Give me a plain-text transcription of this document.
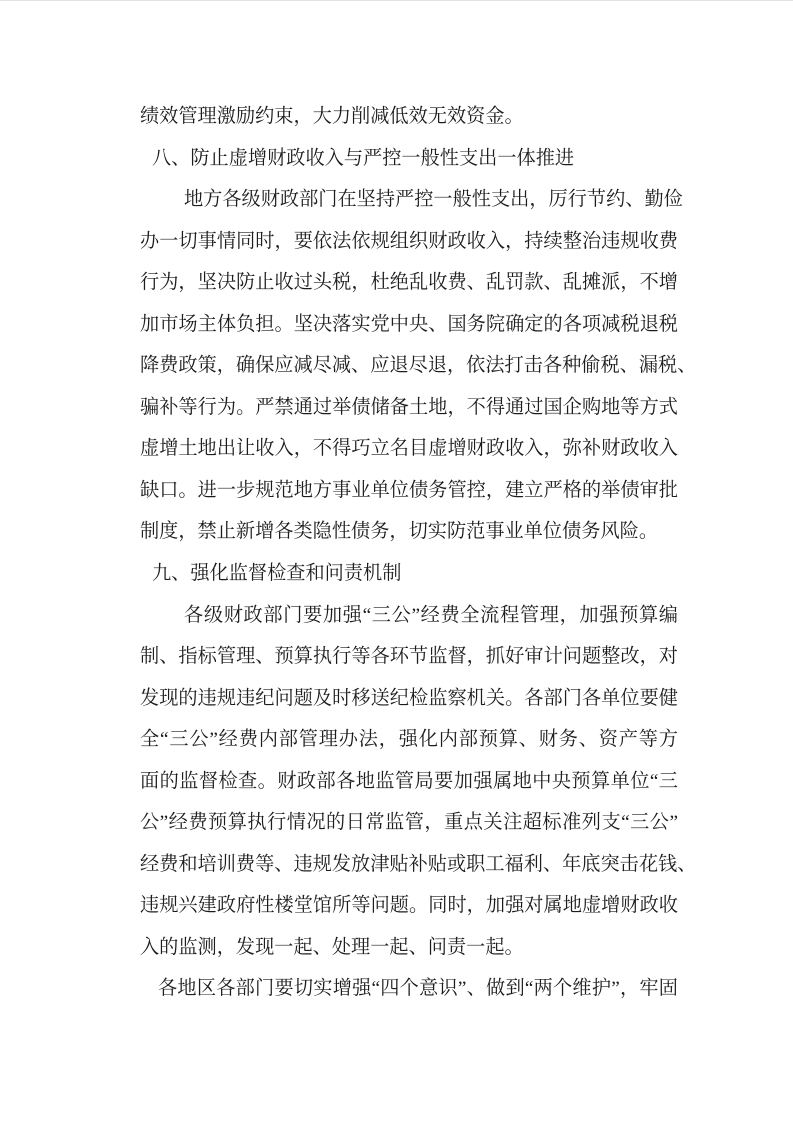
绩效管理激励约束，大力削减低效无效资金。
八、防止虚增财政收入与严控一般性支出一体推进
地方各级财政部门在坚持严控一般性支出，厉行节约、勤俭
办一切事情同时，要依法依规组织财政收入，持续整治违规收费
行为，坚决防止收过头税，杜绝乱收费、乱罚款、乱摊派，不增
加市场主体负担。坚决落实党中央、国务院确定的各项减税退税
降费政策，确保应减尽减、应退尽退，依法打击各种偷税、漏税、
骗补等行为。严禁通过举债储备土地，不得通过国企购地等方式
虚增土地出让收入，不得巧立名目虚增财政收入，弥补财政收入
缺口。进一步规范地方事业单位债务管控，建立严格的举债审批
制度，禁止新增各类隐性债务，切实防范事业单位债务风险。
九、强化监督检查和问责机制
各级财政部门要加强“三公”经费全流程管理，加强预算编
制、指标管理、预算执行等各环节监督，抓好审计问题整改，对
发现的违规违纪问题及时移送纪检监察机关。各部门各单位要健
全“三公”经费内部管理办法，强化内部预算、财务、资产等方
面的监督检查。财政部各地监管局要加强属地中央预算单位“三
公”经费预算执行情况的日常监管，重点关注超标准列支“三公”
经费和培训费等、违规发放津贴补贴或职工福利、年底突击花钱、
违规兴建政府性楼堂馆所等问题。同时，加强对属地虚增财政收
入的监测，发现一起、处理一起、问责一起。
各地区各部门要切实增强“四个意识”、做到“两个维护”，牢固
